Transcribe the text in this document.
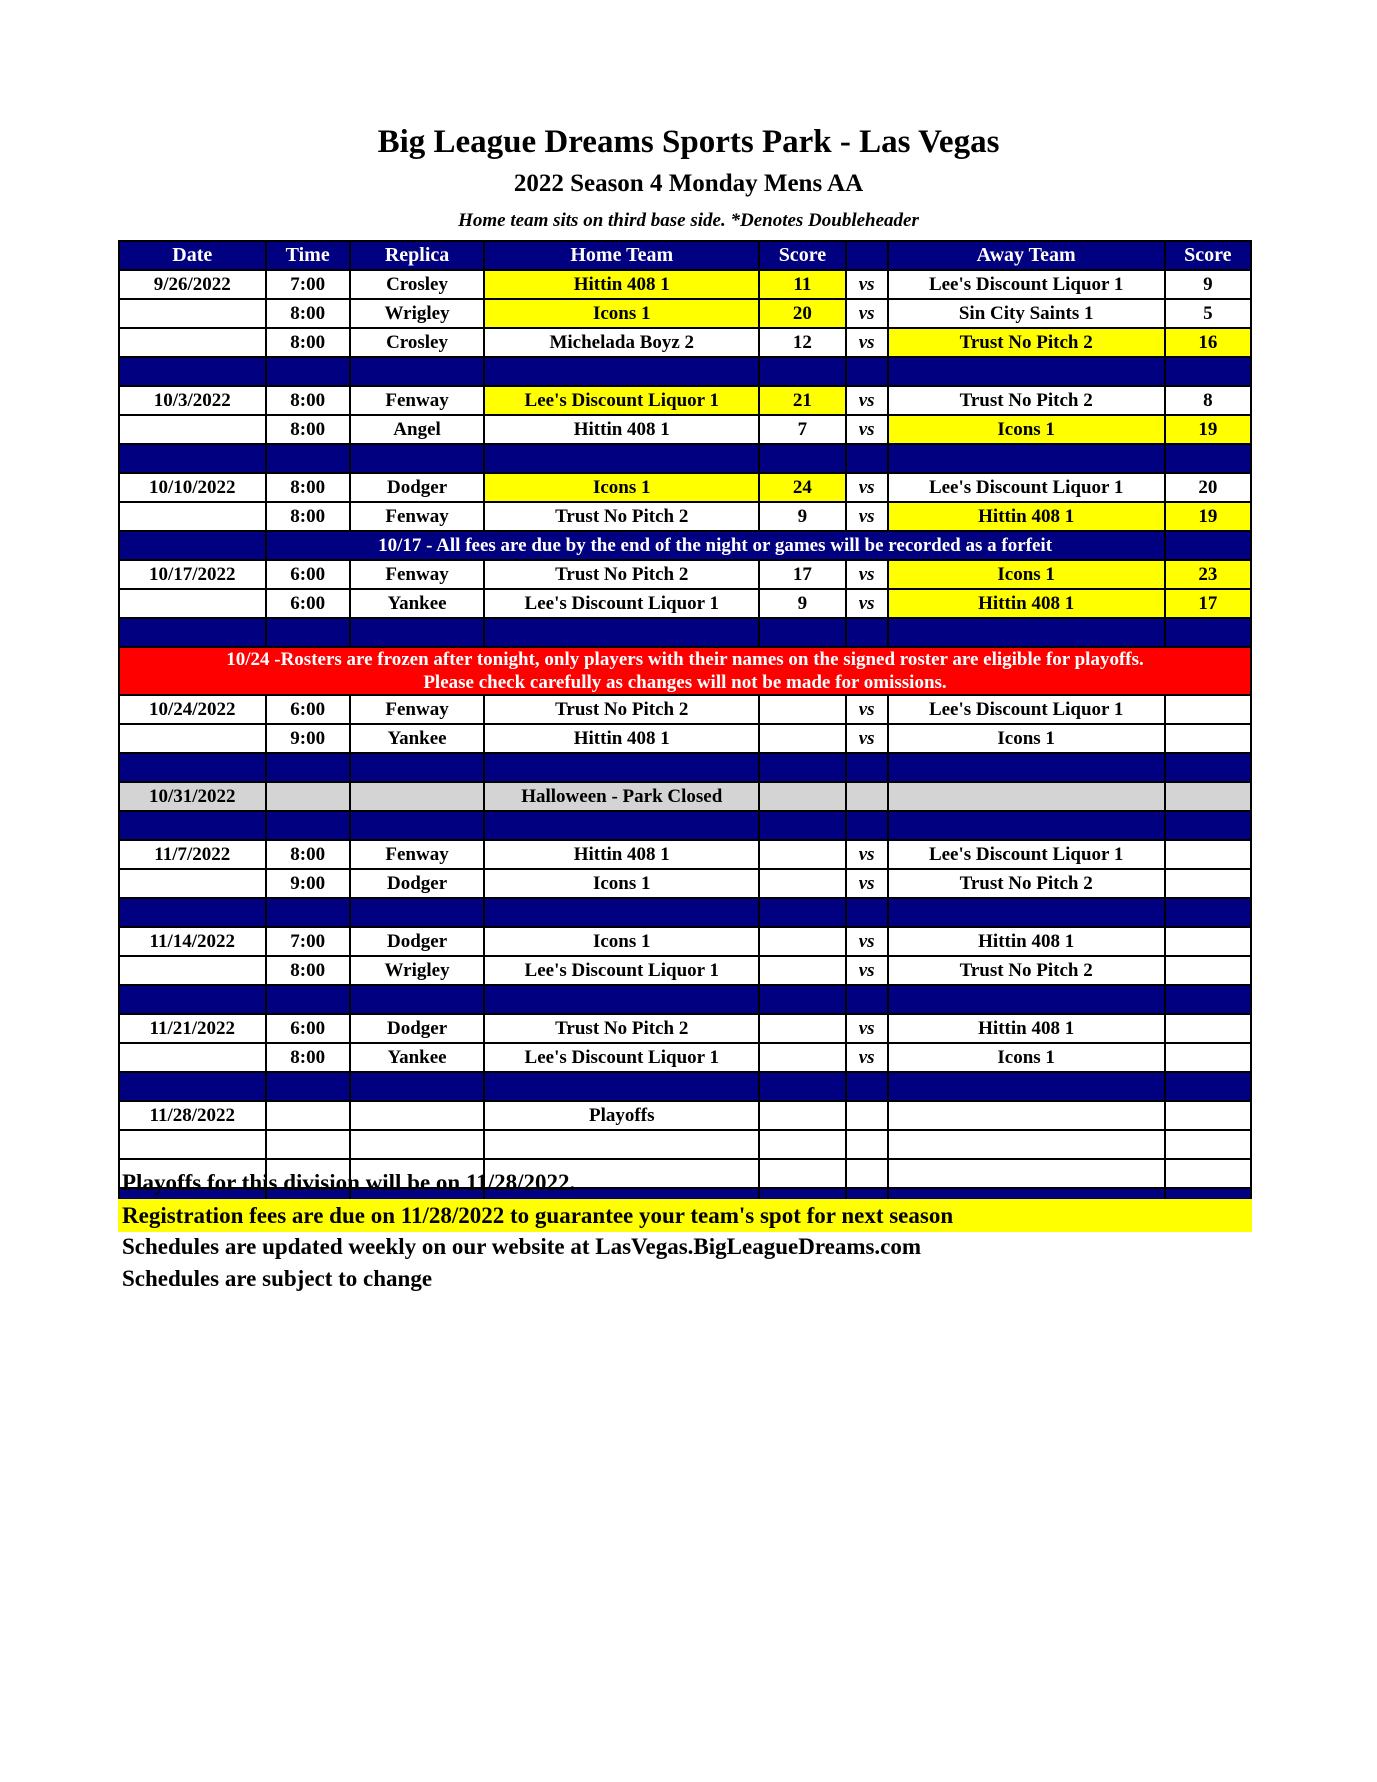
Big League Dreams Sports Park - Las Vegas
2022 Season 4 Monday Mens AA
Home team sits on third base side. *Denotes Doubleheader
Date	Time	Replica	Home Team	Score		Away Team	Score
9/26/2022	7:00	Crosley	Hittin 408 1	11	vs	Lee's Discount Liquor 1	9
	8:00	Wrigley	Icons 1	20	vs	Sin City Saints 1	5
	8:00	Crosley	Michelada Boyz 2	12	vs	Trust No Pitch 2	16

10/3/2022	8:00	Fenway	Lee's Discount Liquor 1	21	vs	Trust No Pitch 2	8
	8:00	Angel	Hittin 408 1	7	vs	Icons 1	19

10/10/2022	8:00	Dodger	Icons 1	24	vs	Lee's Discount Liquor 1	20
	8:00	Fenway	Trust No Pitch 2	9	vs	Hittin 408 1	19
	10/17 - All fees are due by the end of the night or games will be recorded as a forfeit						
10/17/2022	6:00	Fenway	Trust No Pitch 2	17	vs	Icons 1	23
	6:00	Yankee	Lee's Discount Liquor 1	9	vs	Hittin 408 1	17

10/24 -Rosters are frozen after tonight, only players with their names on the signed roster are eligible for playoffs.
Please check carefully as changes will not be made for omissions.							

10/24/2022	6:00	Fenway	Trust No Pitch 2		vs	Lee's Discount Liquor 1	
	9:00	Yankee	Hittin 408 1		vs	Icons 1	

10/31/2022			Halloween - Park Closed				

11/7/2022	8:00	Fenway	Hittin 408 1		vs	Lee's Discount Liquor 1	
	9:00	Dodger	Icons 1		vs	Trust No Pitch 2	

11/14/2022	7:00	Dodger	Icons 1		vs	Hittin 408 1	
	8:00	Wrigley	Lee's Discount Liquor 1		vs	Trust No Pitch 2	

11/21/2022	6:00	Dodger	Trust No Pitch 2		vs	Hittin 408 1	
	8:00	Yankee	Lee's Discount Liquor 1		vs	Icons 1	

11/28/2022			Playoffs				

Playoffs for this division will be on 11/28/2022.
Registration fees are due on 11/28/2022 to guarantee your team's spot for next season
Schedules are updated weekly on our website at LasVegas.BigLeagueDreams.com
Schedules are subject to change
